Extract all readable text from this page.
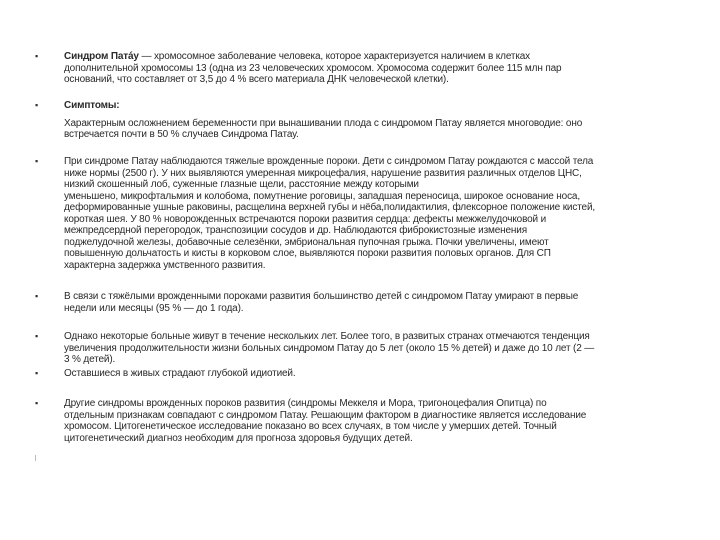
▪	Синдром Патáу — хромосомное заболевание человека, которое характеризуется наличием в клетках
дополнительной хромосомы 13 (одна из 23 человеческих хромосом. Хромосома содержит более 115 млн пар
оснований, что составляет от 3,5 до 4 % всего материала ДНК человеческой клетки).
▪	Симптомы:
Характерным осложнением беременности при вынашивании плода с синдромом Патау является многоводие: оно
встречается почти в 50 % случаев Синдрома Патау.
▪	При синдроме Патау наблюдаются тяжелые врожденные пороки. Дети с синдромом Патау рождаются с массой тела
ниже нормы (2500 г). У них выявляются умеренная микроцефалия, нарушение развития различных отделов ЦНС,
низкий скошенный лоб, суженные глазные щели, расстояние между которыми
уменьшено, микрофтальмия и колобома, помутнение роговицы, западшая переносица, широкое основание носа,
деформированные ушные раковины, расщелина верхней губы и нёба,полидактилия, флексорное положение кистей,
короткая шея. У 80 % новорожденных встречаются пороки развития сердца: дефекты межжелудочковой и
межпредсердной перегородок, транспозиции сосудов и др. Наблюдаются фиброкистозные изменения
поджелудочной железы, добавочные селезёнки, эмбриональная пупочная грыжа. Почки увеличены, имеют
повышенную дольчатость и кисты в корковом слое, выявляются пороки развития половых органов. Для СП
характерна задержка умственного развития.
▪	В связи с тяжёлыми врожденными пороками развития большинство детей с синдромом Патау умирают в первые
недели или месяцы (95 % — до 1 года).
▪	Однако некоторые больные живут в течение нескольких лет. Более того, в развитых странах отмечаются тенденция
увеличения продолжительности жизни больных синдромом Патау до 5 лет (около 15 % детей) и даже до 10 лет (2 —
3 % детей).
▪	Оставшиеся в живых страдают глубокой идиотией.
▪	Другие синдромы врожденных пороков развития (синдромы Меккеля и Мора, тригоноцефалия Опитца) по
отдельным признакам совпадают с синдромом Патау. Решающим фактором в диагностике является исследование
хромосом. Цитогенетическое исследование показано во всех случаях, в том числе у умерших детей. Точный
цитогенетический диагноз необходим для прогноза здоровья будущих детей.
